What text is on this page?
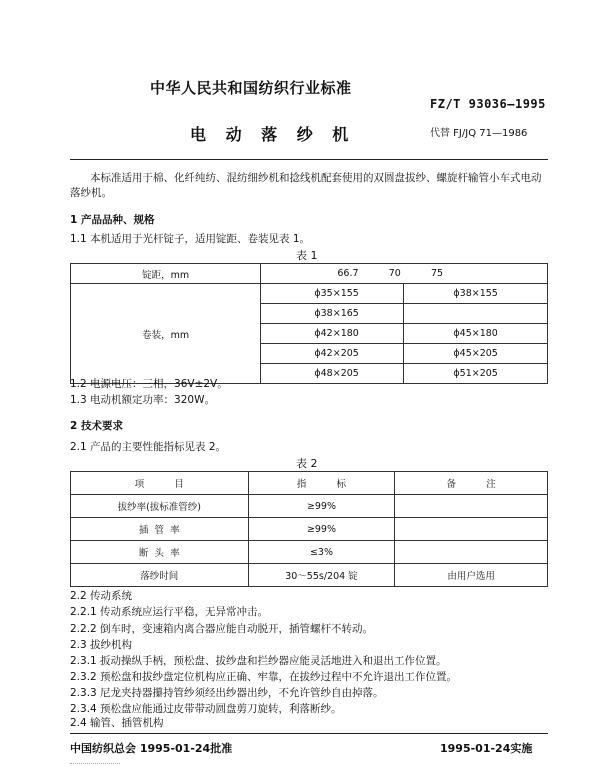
中华人民共和国纺织行业标准
FZ/T 93036—1995
电 动 落 纱 机	代替 FJ/JQ 71—1986
本标准适用于棉、化纤纯纺、混纺细纱机和捻线机配套使用的双圆盘拔纱、螺旋杆输管小车式电动
落纱机。
1 产品品种、规格
1.1 本机适用于光杆锭子，适用锭距、卷装见表 1。
表 1
锭距，mm	66.7          70          75	
卷装，mm	ϕ35×155	ϕ38×155
	ϕ38×165	
	ϕ42×180	ϕ45×180
	ϕ42×205	ϕ45×205
	ϕ48×205	ϕ51×205
1.2 电源电压：三相，36V±2V。
1.3 电动机额定功率：320W。
2 技术要求
2.1 产品的主要性能指标见表 2。
表 2
项          目	指          标	备          注
拔纱率(拔标准管纱)	≥99%	
插  管  率	≥99%	
断  头  率	≤3%	
落纱时间	30～55s/204 锭	由用户选用
2.2 传动系统
2.2.1 传动系统应运行平稳，无异常冲击。
2.2.2 倒车时，变速箱内离合器应能自动脱开，插管螺杆不转动。
2.3 拔纱机构
2.3.1 扳动操纵手柄，预松盘、拔纱盘和拦纱器应能灵活地进入和退出工作位置。
2.3.2 预松盘和拔纱盘定位机构应正确、牢靠，在拔纱过程中不允许退出工作位置。
2.3.3 尼龙夹持器攥持管纱须经出纱器出纱，不允许管纱自由掉落。
2.3.4 预松盘应能通过皮带带动圆盘剪刀旋转，利落断纱。
2.4 输管、插管机构
中国纺织总会 1995-01-24批准	1995-01-24实施
